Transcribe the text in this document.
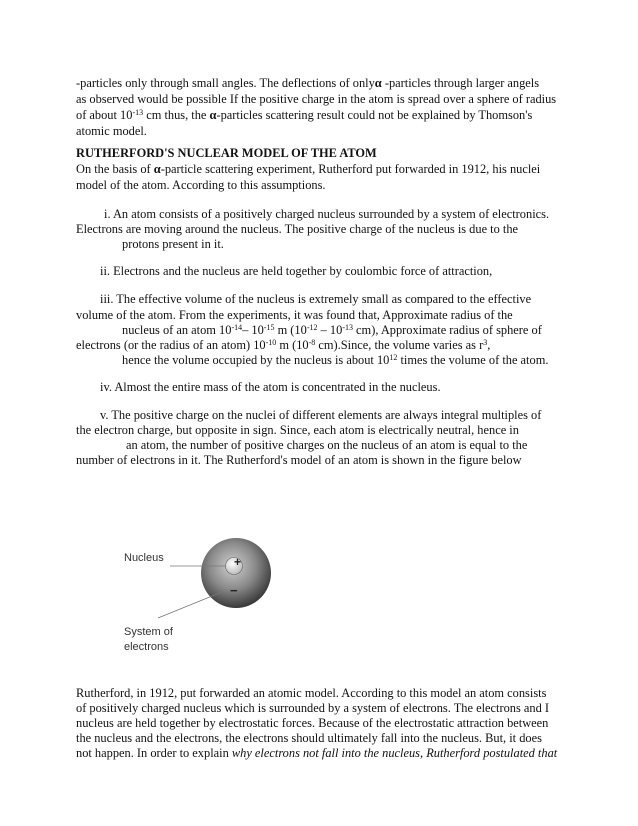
-particles only through small angles. The deflections of onlyα -particles through larger angels
as observed would be possible If the positive charge in the atom is spread over a sphere of radius
of about $10^{-13}$ cm thus, the α-particles scattering result could not be explained by Thomson's
atomic model.
RUTHERFORD'S NUCLEAR MODEL OF THE ATOM
On the basis of α-particle scattering experiment, Rutherford put forwarded in 1912, his nuclei
model of the atom. According to this assumptions.
i. An atom consists of a positively charged nucleus surrounded by a system of electronics.
Electrons are moving around the nucleus. The positive charge of the nucleus is due to the
protons present in it.
ii. Electrons and the nucleus are held together by coulombic force of attraction,
iii. The effective volume of the nucleus is extremely small as compared to the effective
volume of the atom. From the experiments, it was found that, Approximate radius of the
nucleus of an atom $10^{-14}-$ $10^{-15}$ m ($10^{-12} - 10^{-13}$ cm), Approximate radius of sphere of
electrons (or the radius of an atom) $10^{-10}$ m ($10^{-8}$ cm).Since, the volume varies as $r^3$,
hence the volume occupied by the nucleus is about $10^{12}$ times the volume of the atom.
iv. Almost the entire mass of the atom is concentrated in the nucleus.
v. The positive charge on the nuclei of different elements are always integral multiples of
the electron charge, but opposite in sign. Since, each atom is electrically neutral, hence in
an atom, the number of positive charges on the nucleus of an atom is equal to the
number of electrons in it. The Rutherford's model of an atom is shown in the figure below
+
−
Nucleus
System of
electrons
Rutherford, in 1912, put forwarded an atomic model. According to this model an atom consists
of positively charged nucleus which is surrounded by a system of electrons. The electrons and I
nucleus are held together by electrostatic forces. Because of the electrostatic attraction between
the nucleus and the electrons, the electrons should ultimately fall into the nucleus. But, it does
not happen. In order to explain why electrons not fall into the nucleus, Rutherford postulated that
